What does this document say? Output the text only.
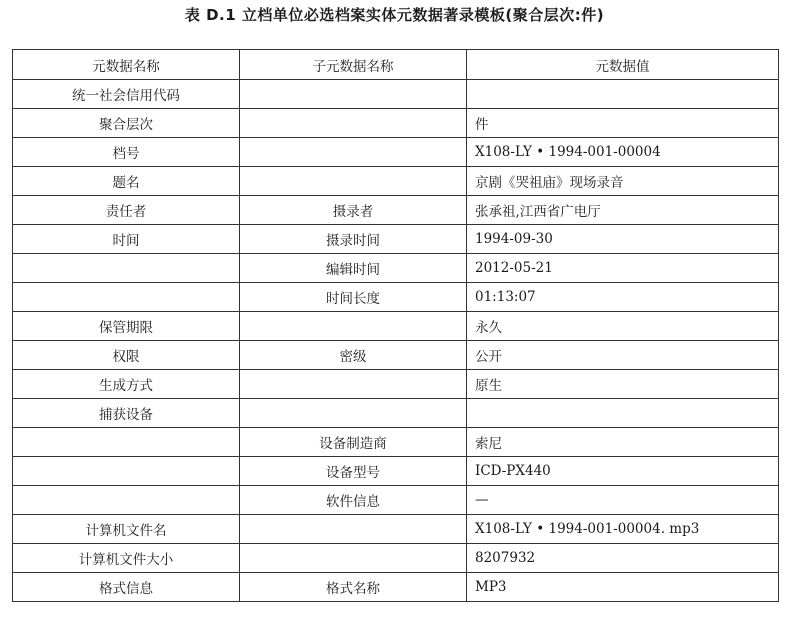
表 D.1 立档单位必选档案实体元数据著录模板(聚合层次:件)
元数据名称	子元数据名称	元数据值
统一社会信用代码		
聚合层次		件
档号		X108-LY • 1994-001-00004
题名		京剧《哭祖庙》现场录音
责任者	摄录者	张承祖,江西省广电厅
时间	摄录时间	1994-09-30
	编辑时间	2012-05-21
	时间长度	01:13:07
保管期限		永久
权限	密级	公开
生成方式		原生
捕获设备		
	设备制造商	索尼
	设备型号	ICD-PX440
	软件信息	—
计算机文件名		X108-LY • 1994-001-00004. mp3
计算机文件大小		8207932
格式信息	格式名称	MP3
